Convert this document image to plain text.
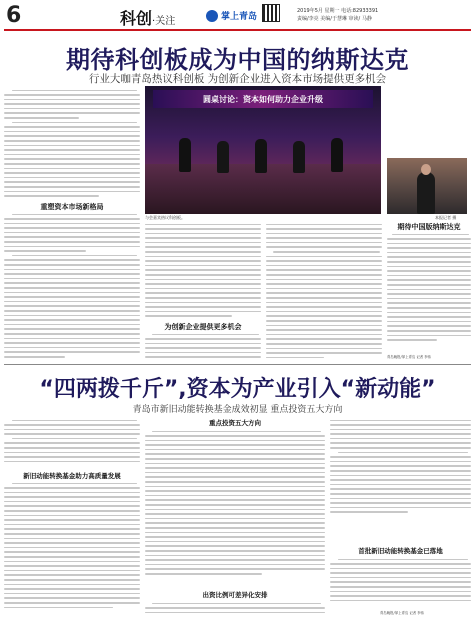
6	科创·关注	掌上青岛
2019年5月 星期一 电话:82933391
责编/李亮 美编/于慧琳 审读/ 马静
期待科创板成为中国的纳斯达克
行业大咖青岛热议科创板 为创新企业进入资本市场提供更多机会
圆桌讨论：资本如何助力企业升级
与会嘉宾热议科创板。	本报记者 摄
重塑资本市场新格局
为创新企业提供更多机会
期待中国版纳斯达克
青岛晚报/掌上青岛 记者 李伟
“四两拨千斤”,资本为产业引入“新动能”
青岛市新旧动能转换基金成效初显 重点投资五大方向
新旧动能转换基金助力高质量发展
重点投资五大方向
出资比例可差异化安排
首批新旧动能转换基金已落地
青岛晚报/掌上青岛 记者 李伟
